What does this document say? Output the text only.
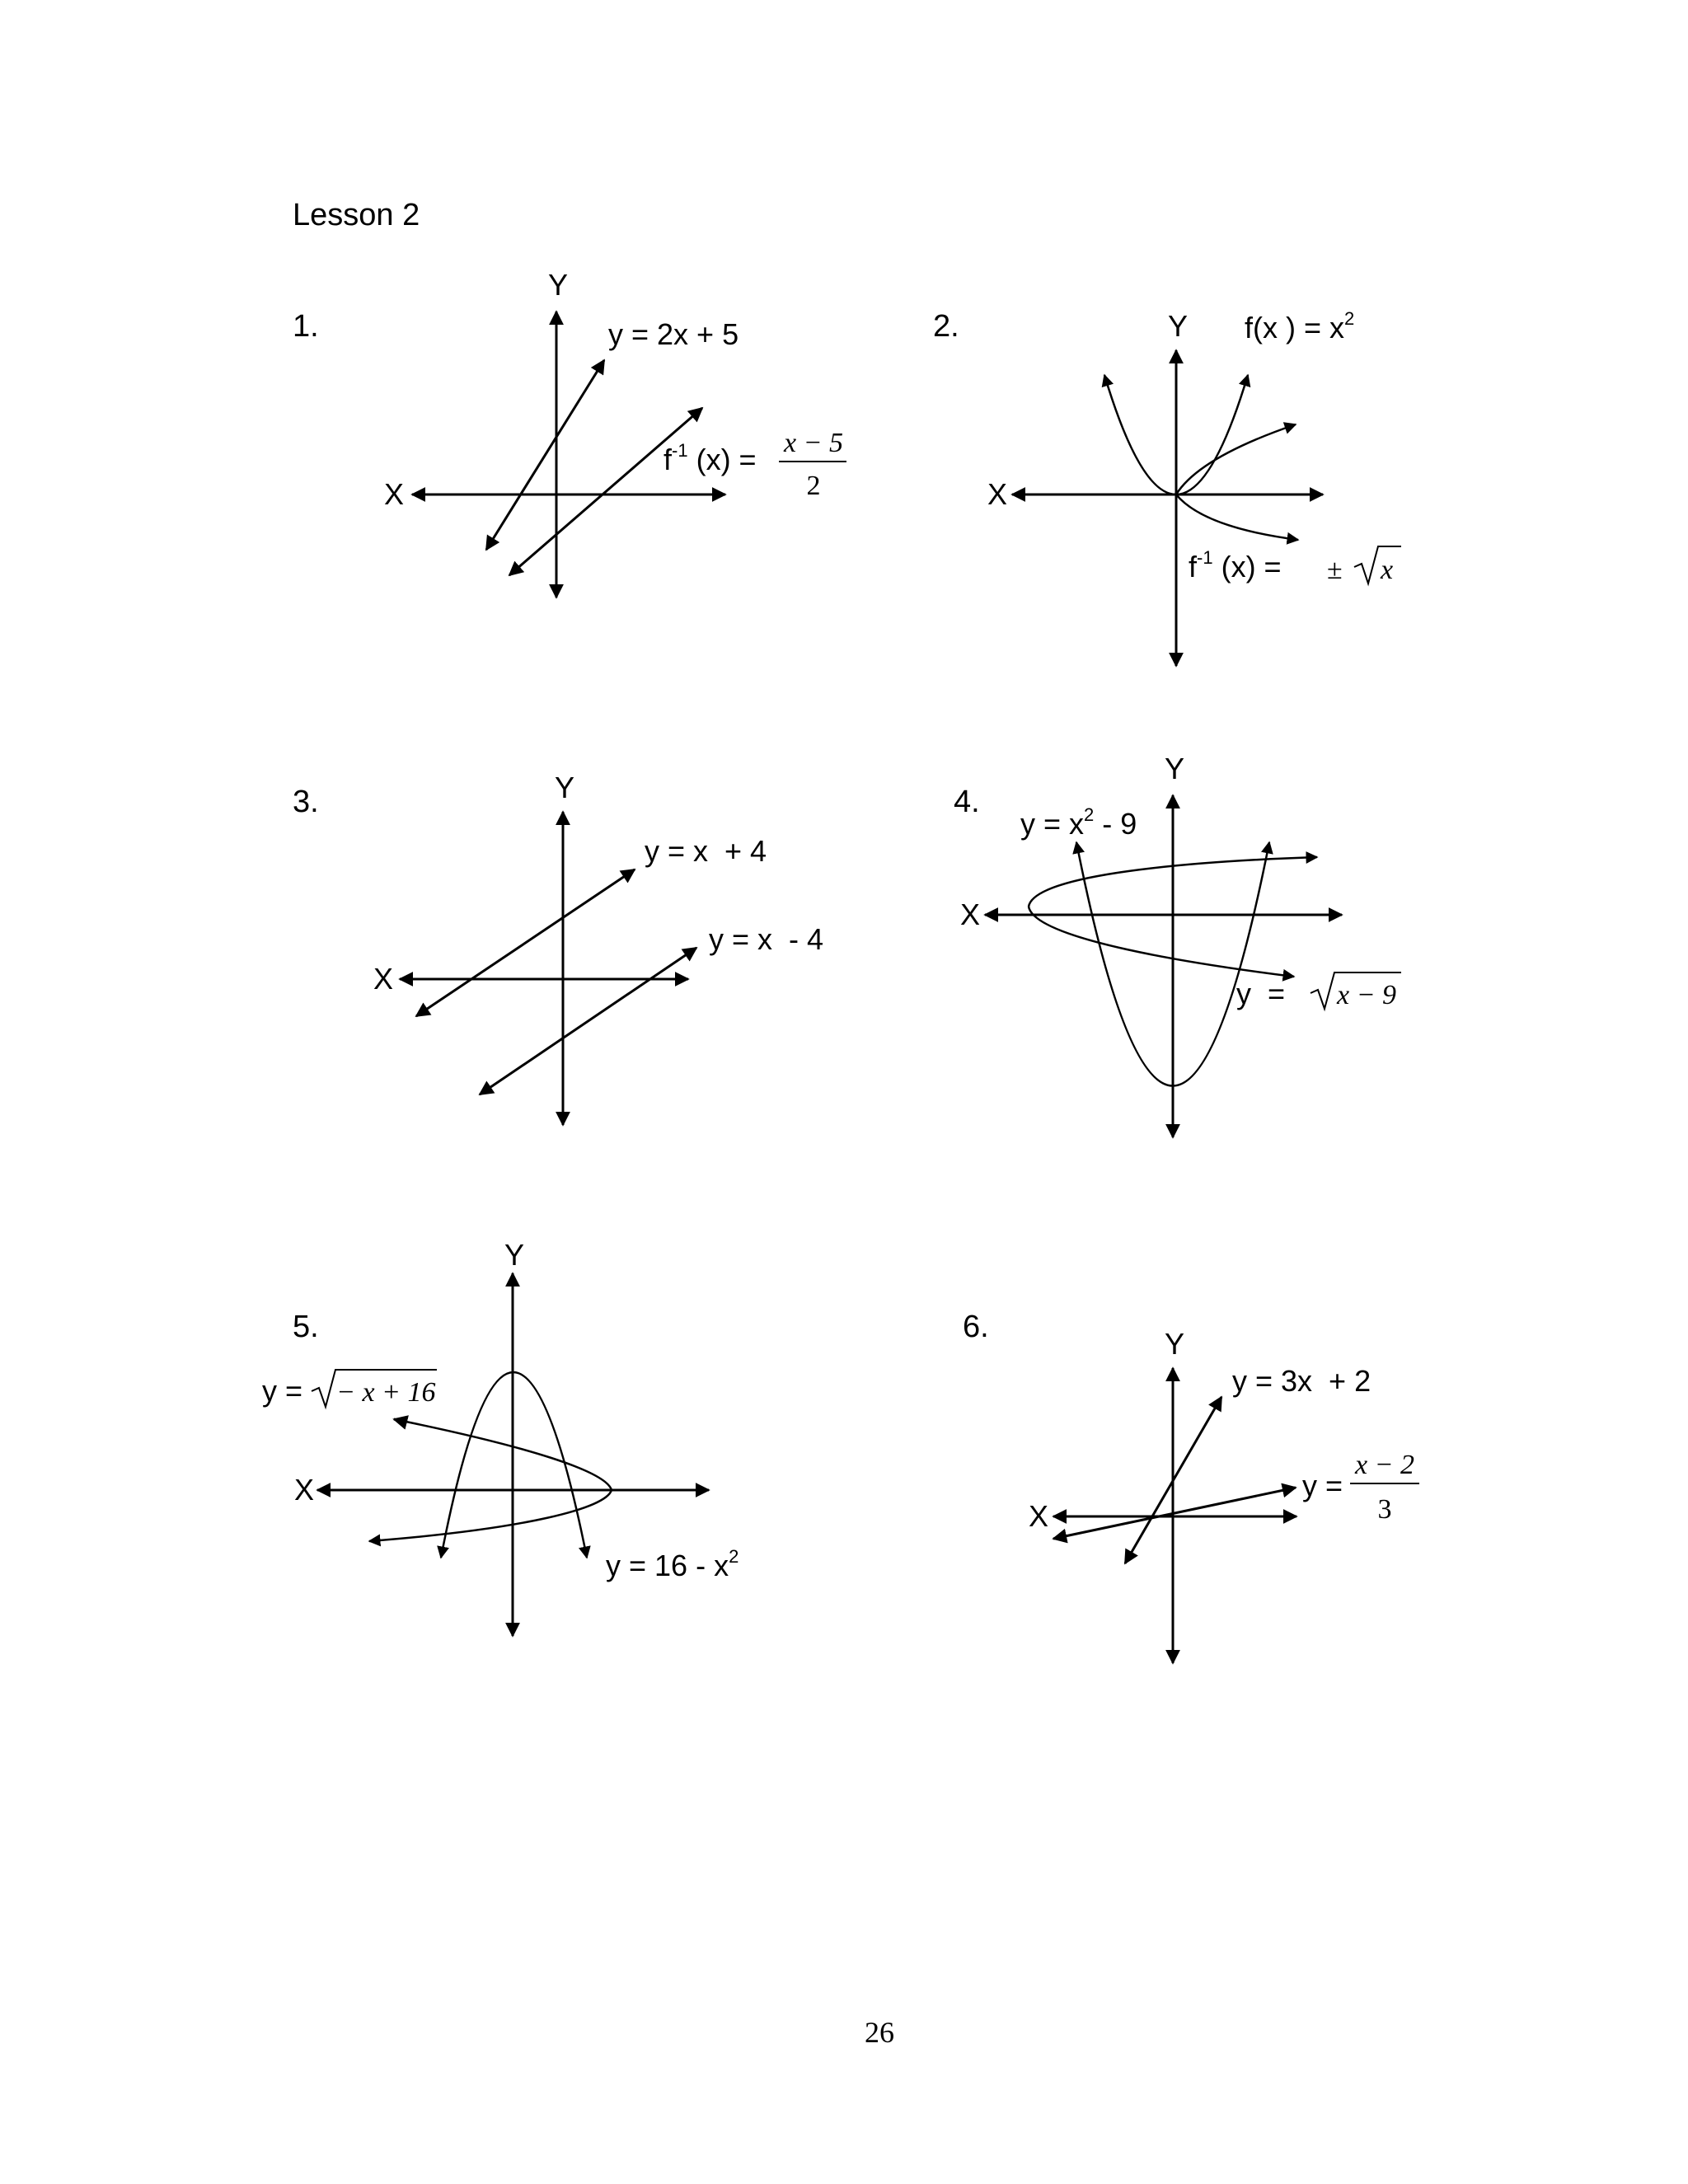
Lesson 2
1.
X
Y
y = 2x + 5
$f^{-1}$ (x) = x − 5
2
2.
X
Y f(x ) = $x^2$
$f^{-1}$ (x) = ± x
3.
X
Y
y = x  + 4
y = x  - 4
4.
X
Y
$y = x^2 - 9$
y  = x − 9
5.
X
Y
y = − x + 16
$y = 16 - x^2$
6.
X
Y
y = 3x  + 2
y =
x − 2
3
26
